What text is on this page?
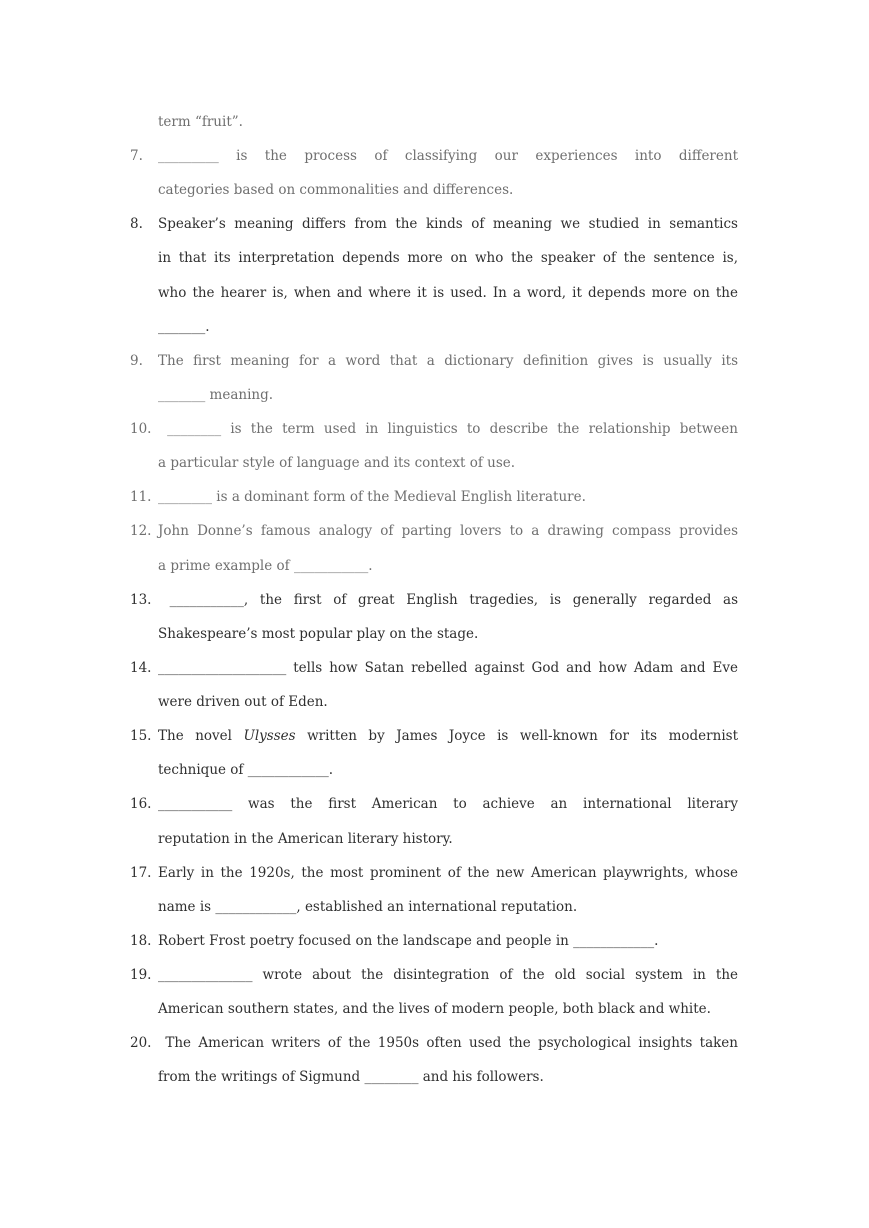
term “fruit”.
7. _________ is the process of classifying our experiences into different
categories based on commonalities and differences.
8. Speaker’s meaning differs from the kinds of meaning we studied in semantics
in that its interpretation depends more on who the speaker of the sentence is,
who the hearer is, when and where it is used. In a word, it depends more on the
_______.
9. The first meaning for a word that a dictionary definition gives is usually its
_______ meaning.
10. ________ is the term used in linguistics to describe the relationship between
a particular style of language and its context of use.
11. ________ is a dominant form of the Medieval English literature.
12. John Donne’s famous analogy of parting lovers to a drawing compass provides
a prime example of ___________.
13. ___________, the first of great English tragedies, is generally regarded as
Shakespeare’s most popular play on the stage.
14. ___________________ tells how Satan rebelled against God and how Adam and Eve
were driven out of Eden.
15. The novel Ulysses written by James Joyce is well-known for its modernist
technique of ____________.
16. ___________ was the first American to achieve an international literary
reputation in the American literary history.
17. Early in the 1920s, the most prominent of the new American playwrights, whose
name is ____________, established an international reputation.
18. Robert Frost poetry focused on the landscape and people in ____________.
19. ______________ wrote about the disintegration of the old social system in the
American southern states, and the lives of modern people, both black and white.
20. The American writers of the 1950s often used the psychological insights taken
from the writings of Sigmund ________ and his followers.
